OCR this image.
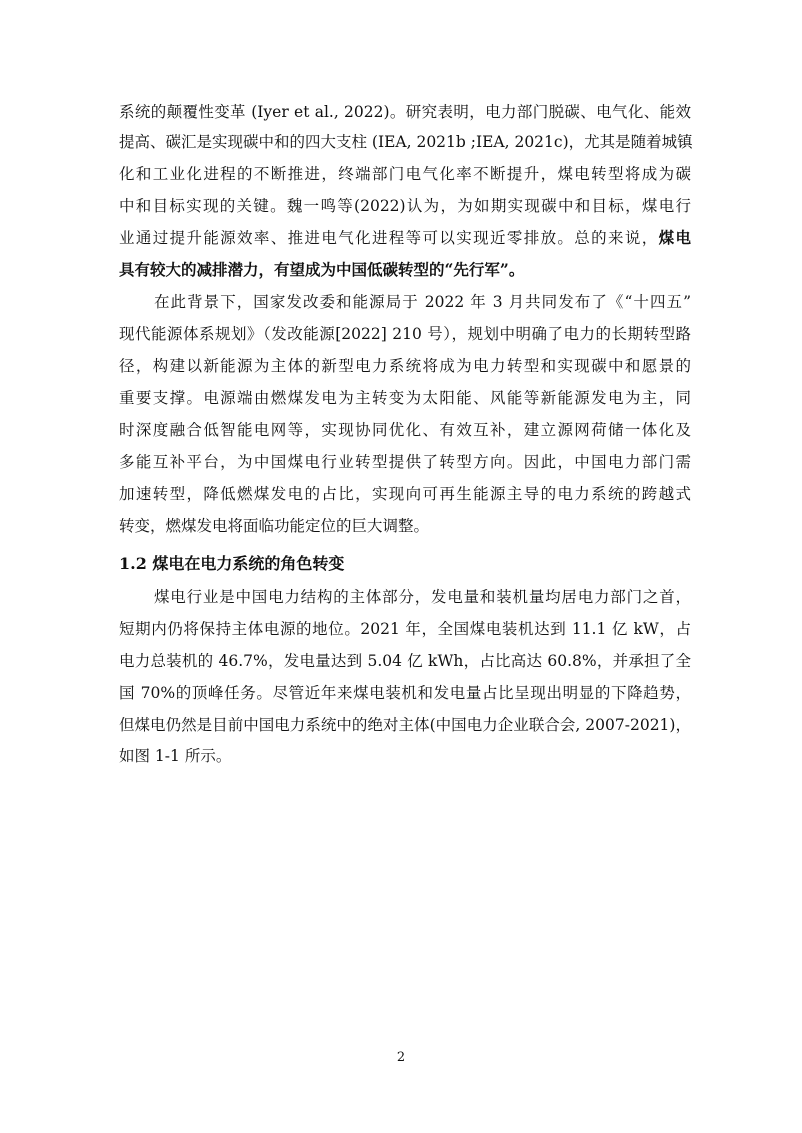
系统的颠覆性变革 (Iyer et al., 2022)。研究表明，电力部门脱碳、电气化、能效
提高、碳汇是实现碳中和的四大支柱 (IEA, 2021b ;IEA, 2021c)，尤其是随着城镇
化和工业化进程的不断推进，终端部门电气化率不断提升，煤电转型将成为碳
中和目标实现的关键。魏一鸣等(2022)认为，为如期实现碳中和目标，煤电行
业通过提升能源效率、推进电气化进程等可以实现近零排放。总的来说，煤电
具有较大的减排潜力，有望成为中国低碳转型的“先行军”。
在此背景下，国家发改委和能源局于 2022 年 3 月共同发布了《“十四五”
现代能源体系规划》（发改能源[2022] 210 号），规划中明确了电力的长期转型路
径，构建以新能源为主体的新型电力系统将成为电力转型和实现碳中和愿景的
重要支撑。电源端由燃煤发电为主转变为太阳能、风能等新能源发电为主，同
时深度融合低智能电网等，实现协同优化、有效互补，建立源网荷储一体化及
多能互补平台，为中国煤电行业转型提供了转型方向。因此，中国电力部门需
加速转型，降低燃煤发电的占比，实现向可再生能源主导的电力系统的跨越式
转变，燃煤发电将面临功能定位的巨大调整。
1.2 煤电在电力系统的角色转变
煤电行业是中国电力结构的主体部分，发电量和装机量均居电力部门之首，
短期内仍将保持主体电源的地位。2021 年，全国煤电装机达到 11.1 亿 kW，占
电力总装机的 46.7%，发电量达到 5.04 亿 kWh，占比高达 60.8%，并承担了全
国 70%的顶峰任务。尽管近年来煤电装机和发电量占比呈现出明显的下降趋势，
但煤电仍然是目前中国电力系统中的绝对主体(中国电力企业联合会, 2007-2021)，
如图 1-1 所示。
2
